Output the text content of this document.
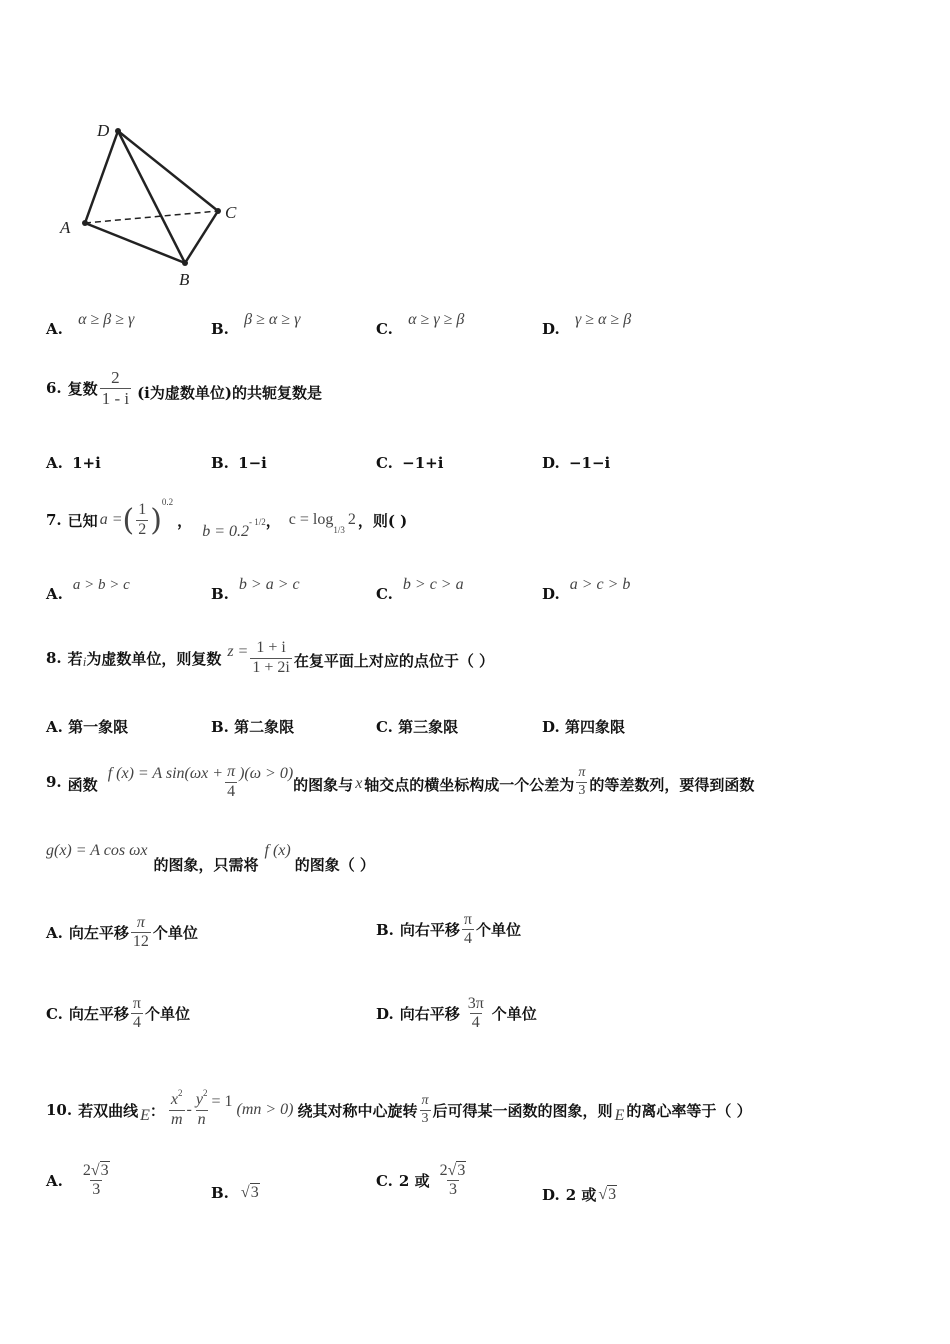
D
A
C
B
A. α ≥ β ≥ γ
B. β ≥ α ≥ γ
C. α ≥ γ ≥ β
D. γ ≥ α ≥ β
6. 复数 $\frac{2}{1 - i} (i$为虚数单位)的共轭复数是
A. 1+i	B. 1−i	C. −1+i	D. −1−i
7. 已知 a = ( $\frac{1}{2}$ )
0.2
，
b = 0.2
- 1/2 ， c = log
1/3
2 ，则( )
A. a > b > c	B.b > a > c
C.b > c > a
D.a > c > b
8. 若 i 为虚数单位，则复数 $z = \frac{1 + i}{1 + 2i}$ 在复平面上对应的点位于（ ）
A. 第一象限	B. 第二象限	C. 第三象限	D. 第四象限
9. 函数
f (x) = A $\sin(\omega x + \frac{\pi}{4} )(\omega > 0)$
的图象与 x 轴交点的横坐标构成一个公差为 $\frac{\pi}{3}$ 的等差数列，要得到函数
g(x) = A cos ωx
的图象，只需将
f (x)
的图象（ ）
A. 向左平移 $\frac{\pi}{12}$ 个单位	B. 向右平移 $\frac{\pi}{4}$ 个单位
C. 向左平移 $\frac{\pi}{4}$ 个单位	D. 向右平移 $\frac{3\pi}{4}$ 个单位
10. 若双曲线 E ： $\frac{x^2}{m} - \frac{y^2}{n} = 1$ (mn > 0) 绕其对称中心旋转 $\frac{\pi}{3}$ 后可得某一函数的图象，则 E 的离心率等于（ ）
A. $\frac{2√3}{3}$	B. √3
C. 2 或 $\frac{2√3}{3}$	D. 2 或 √3
